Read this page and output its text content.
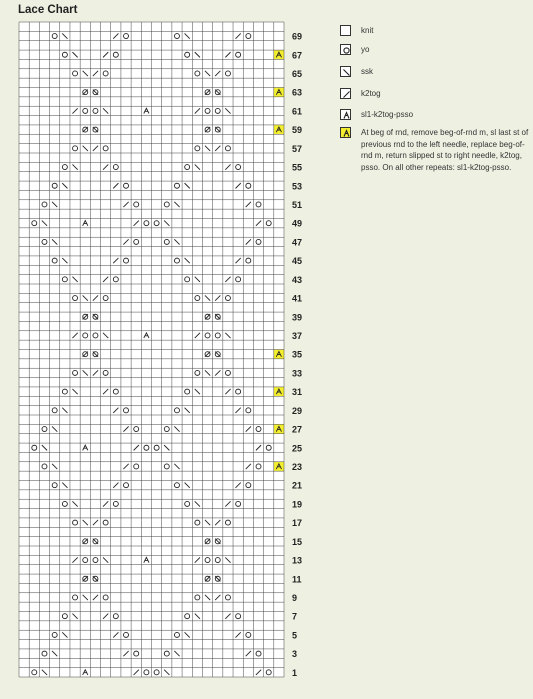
Lace Chart
1
3
5
7
9
11
13
15
17
19
21
23
25
27
29
31
33
35
37
39
41
43
45
47
49
51
53
55
57
59
61
63
65
67
69
knit
yo
ssk
k2tog
sl1-k2tog-psso
At beg of rnd, remove beg-of-rnd m, sl last st of previous rnd to the left needle, replace beg-of-rnd m, return slipped st to right needle, k2tog, psso. On all other repeats: sl1-k2tog-psso.
